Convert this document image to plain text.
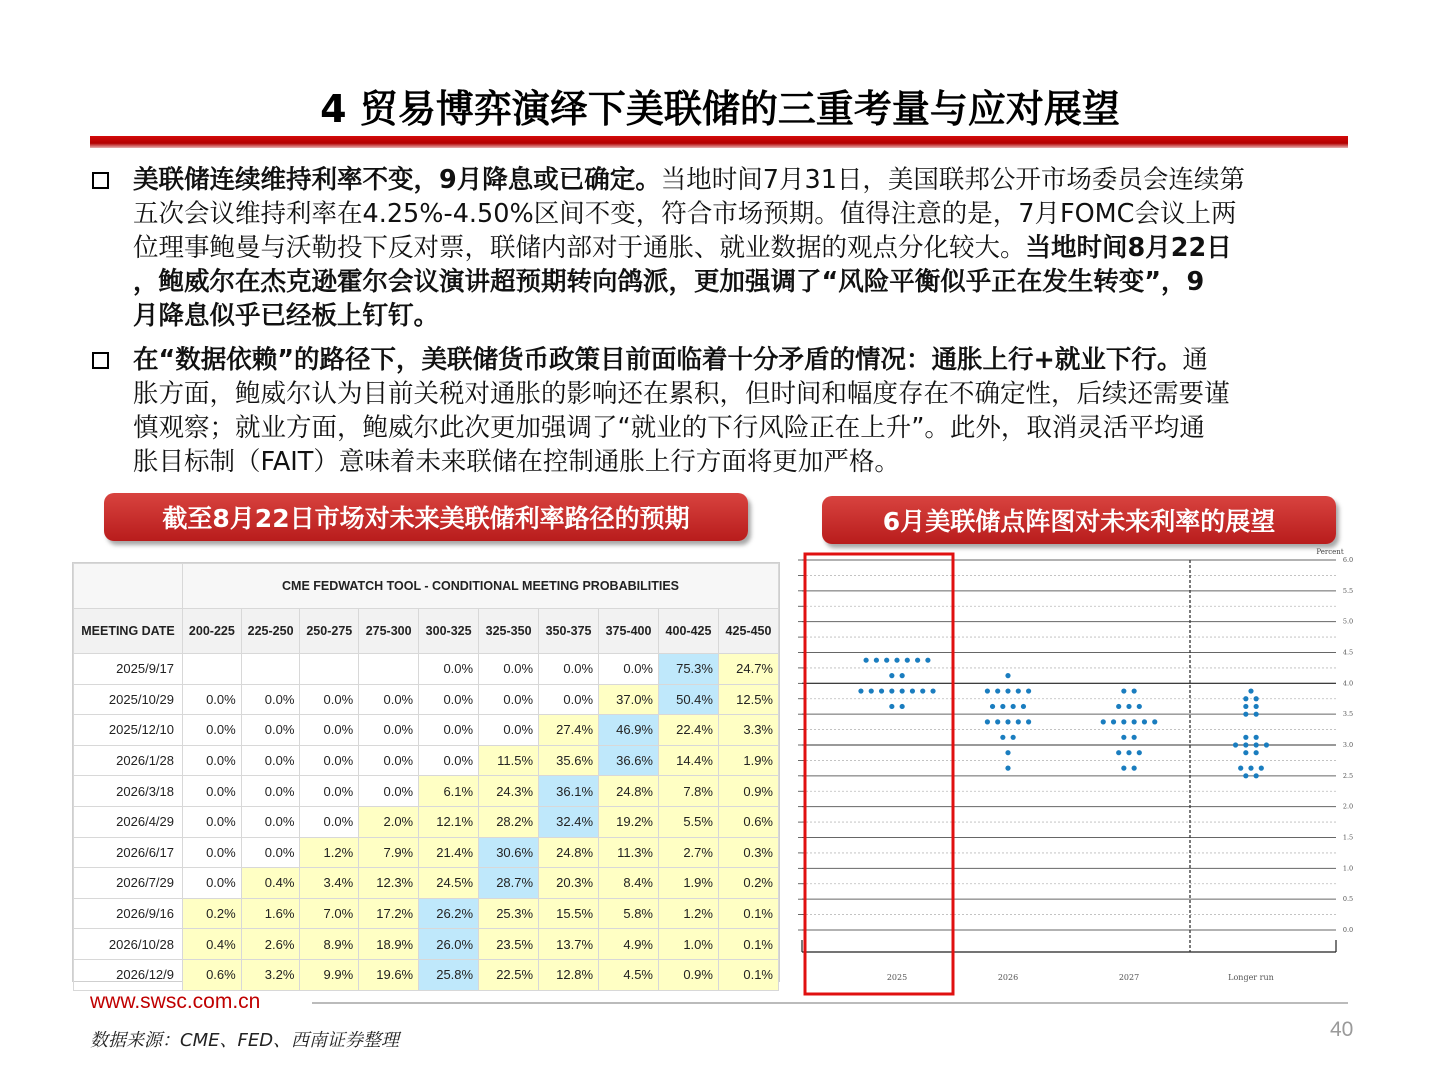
4 贸易博弈演绎下美联储的三重考量与应对展望
美联储连续维持利率不变，9月降息或已确定。当地时间7月31日，美国联邦公开市场委员会连续第
五次会议维持利率在4.25%-4.50%区间不变，符合市场预期。值得注意的是，7月FOMC会议上两
位理事鲍曼与沃勒投下反对票，联储内部对于通胀、就业数据的观点分化较大。当地时间8月22日
，鲍威尔在杰克逊霍尔会议演讲超预期转向鸽派，更加强调了“风险平衡似乎正在发生转变”，9
月降息似乎已经板上钉钉。
在“数据依赖”的路径下，美联储货币政策目前面临着十分矛盾的情况：通胀上行+就业下行。通
胀方面，鲍威尔认为目前关税对通胀的影响还在累积，但时间和幅度存在不确定性，后续还需要谨
慎观察；就业方面，鲍威尔此次更加强调了“就业的下行风险正在上升”。此外，取消灵活平均通
胀目标制（FAIT）意味着未来联储在控制通胀上行方面将更加严格。
截至8月22日市场对未来美联储利率路径的预期	6月美联储点阵图对未来利率的展望
	CME FEDWATCH TOOL - CONDITIONAL MEETING PROBABILITIES									
MEETING DATE	200-225	225-250	250-275	275-300	300-325	325-350	350-375	375-400	400-425	425-450
2025/9/17					0.0%	0.0%	0.0%	0.0%	75.3%	24.7%
2025/10/29	0.0%	0.0%	0.0%	0.0%	0.0%	0.0%	0.0%	37.0%	50.4%	12.5%
2025/12/10	0.0%	0.0%	0.0%	0.0%	0.0%	0.0%	27.4%	46.9%	22.4%	3.3%
2026/1/28	0.0%	0.0%	0.0%	0.0%	0.0%	11.5%	35.6%	36.6%	14.4%	1.9%
2026/3/18	0.0%	0.0%	0.0%	0.0%	6.1%	24.3%	36.1%	24.8%	7.8%	0.9%
2026/4/29	0.0%	0.0%	0.0%	2.0%	12.1%	28.2%	32.4%	19.2%	5.5%	0.6%
2026/6/17	0.0%	0.0%	1.2%	7.9%	21.4%	30.6%	24.8%	11.3%	2.7%	0.3%
2026/7/29	0.0%	0.4%	3.4%	12.3%	24.5%	28.7%	20.3%	8.4%	1.9%	0.2%
2026/9/16	0.2%	1.6%	7.0%	17.2%	26.2%	25.3%	15.5%	5.8%	1.2%	0.1%
2026/10/28	0.4%	2.6%	8.9%	18.9%	26.0%	23.5%	13.7%	4.9%	1.0%	0.1%
2026/12/9	0.6%	3.2%	9.9%	19.6%	25.8%	22.5%	12.8%	4.5%	0.9%	0.1%
6.0
5.5
5.0
4.5
4.0
3.5
3.0
2.5
2.0
1.5
1.0
0.5
0.0
Percent
2025	2026	2027	Longer run
www.swsc.com.cn
数据来源：CME、FED、西南证券整理	40
